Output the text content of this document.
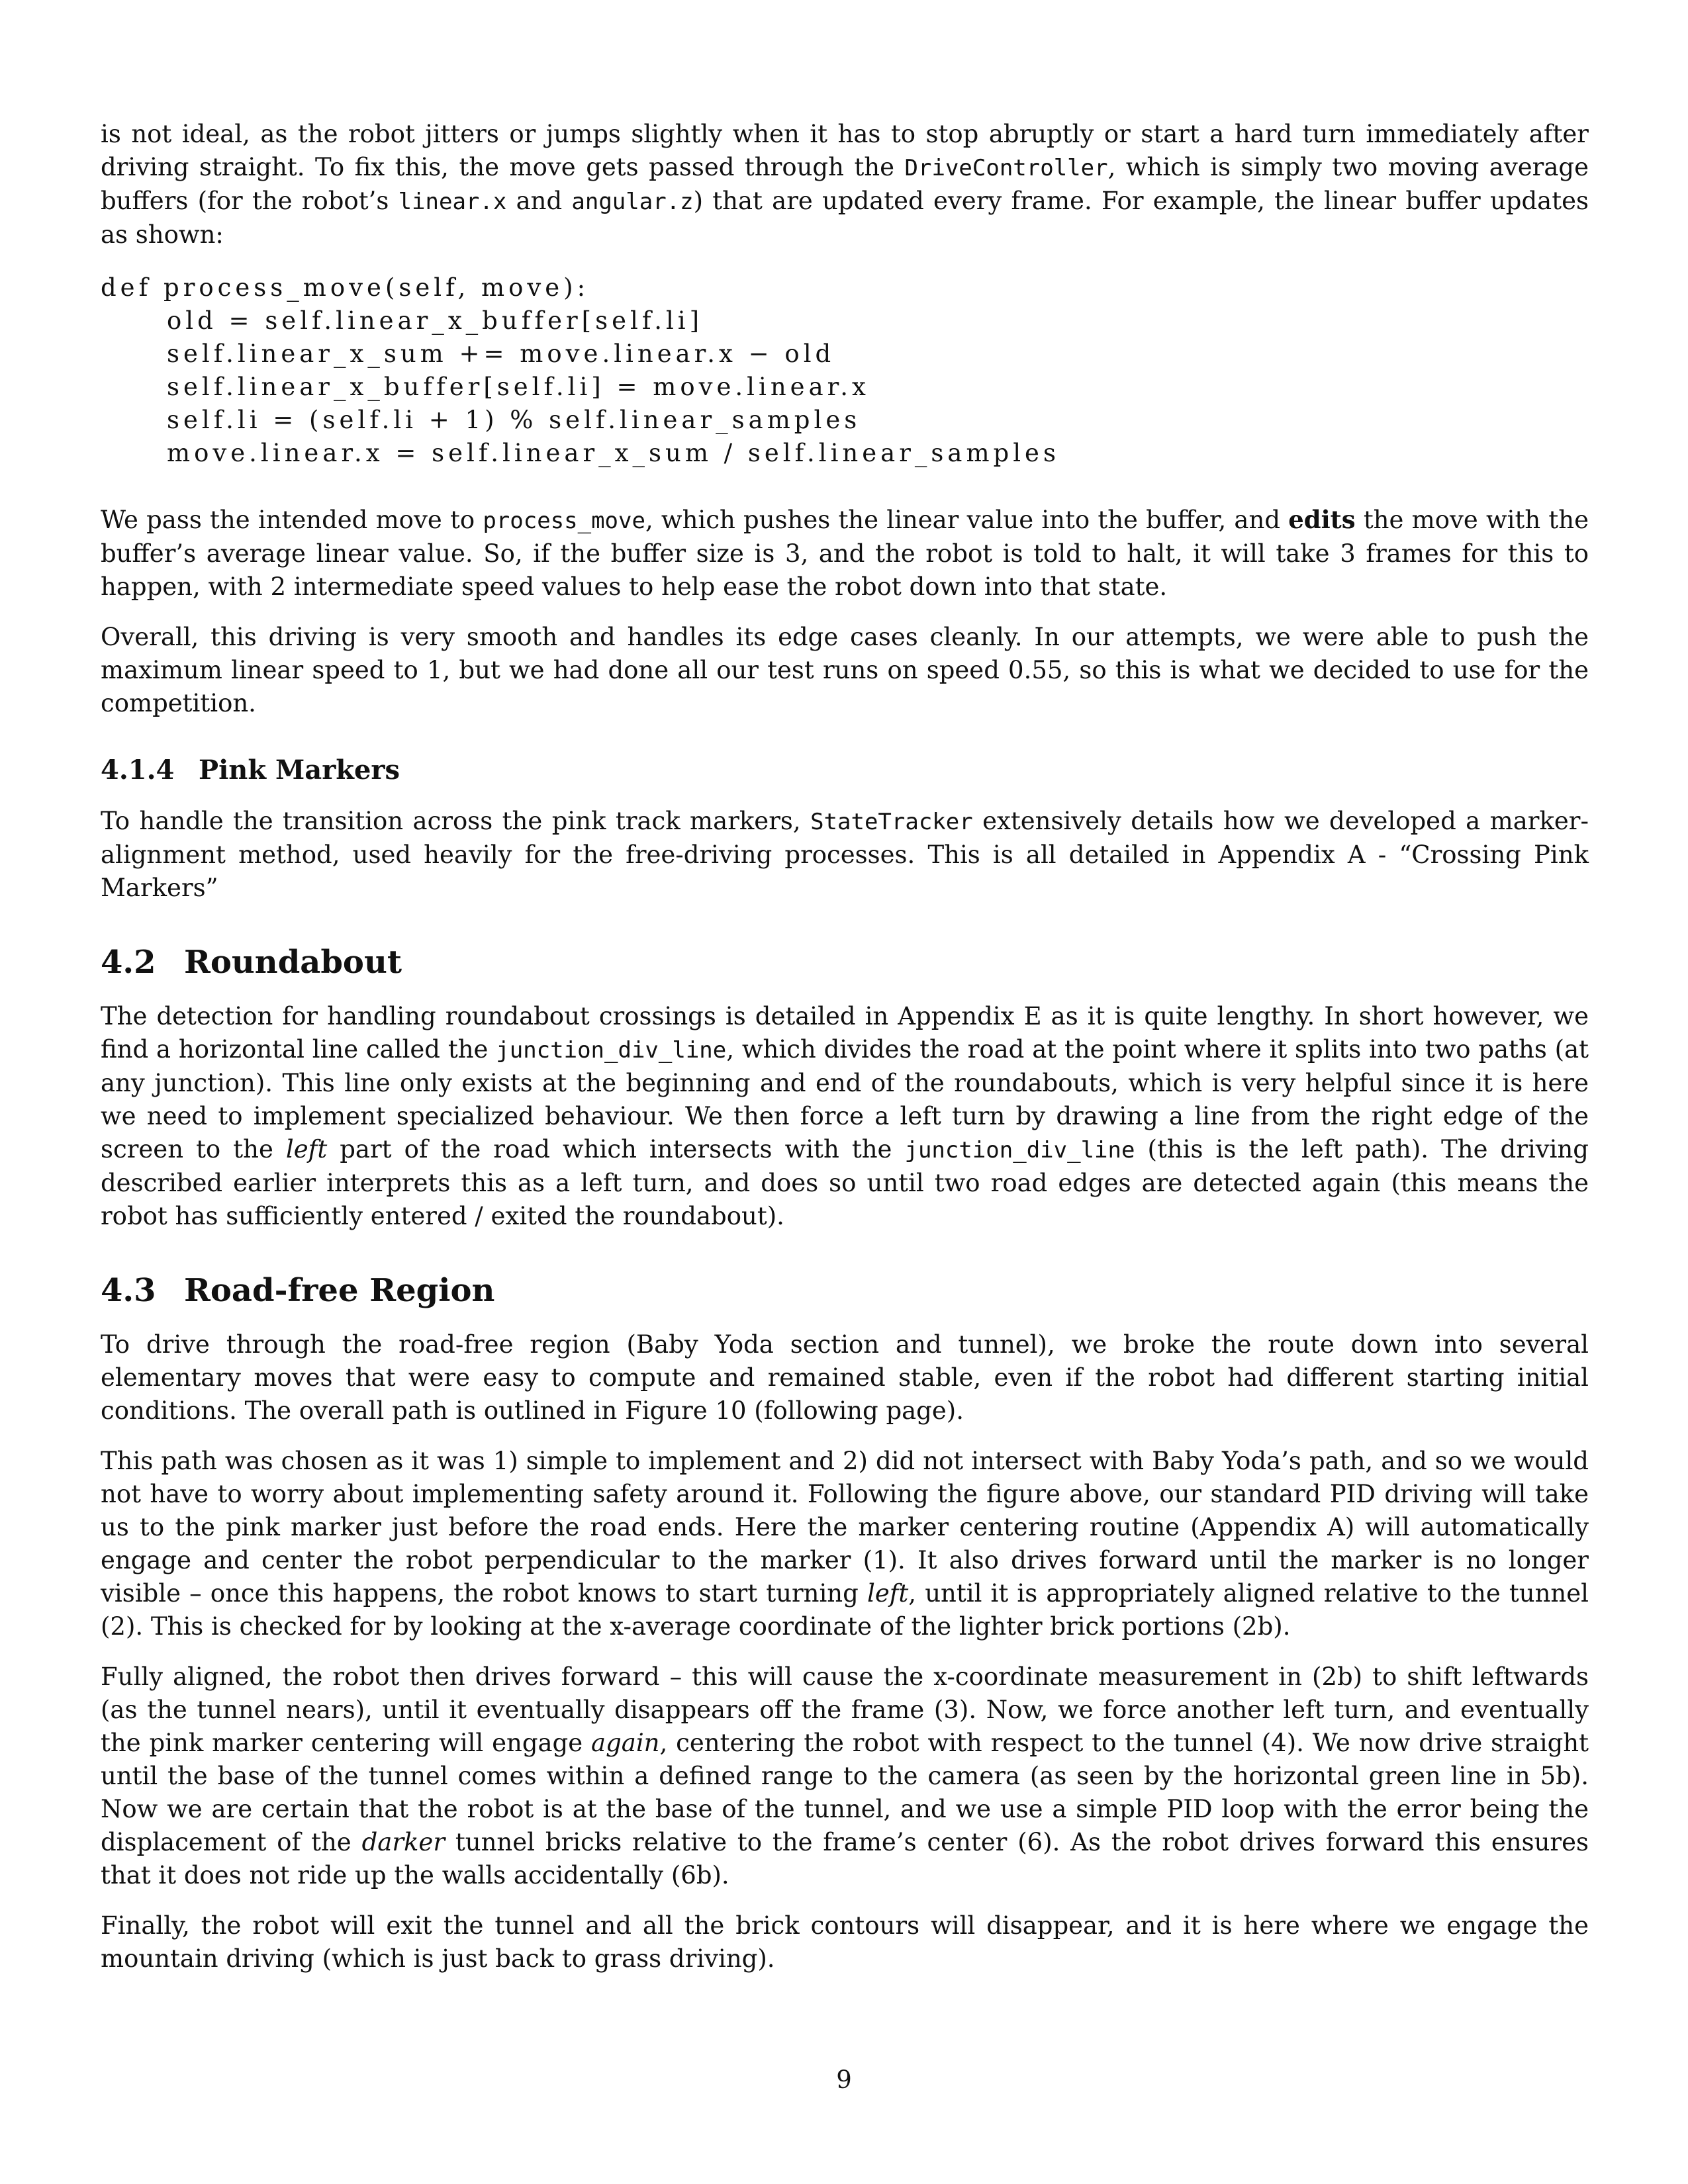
is not ideal, as the robot jitters or jumps slightly when it has to stop abruptly or start a hard turn immediately after driving straight. To fix this, the move gets passed through the DriveController, which is simply two moving average buffers (for the robot’s linear.x and angular.z) that are updated every frame. For example, the linear buffer updates as shown:

def process_move(self, move):
old = self.linear_x_buffer[self.li]
self.linear_x_sum += move.linear.x − old
self.linear_x_buffer[self.li] = move.linear.x
self.li = (self.li + 1) % self.linear_samples
move.linear.x = self.linear_x_sum / self.linear_samples

We pass the intended move to process_move, which pushes the linear value into the buffer, and edits the move with the buffer’s average linear value. So, if the buffer size is 3, and the robot is told to halt, it will take 3 frames for this to happen, with 2 intermediate speed values to help ease the robot down into that state.

Overall, this driving is very smooth and handles its edge cases cleanly. In our attempts, we were able to push the maximum linear speed to 1, but we had done all our test runs on speed 0.55, so this is what we decided to use for the competition.

4.1.4 Pink Markers

To handle the transition across the pink track markers, StateTracker extensively details how we developed a marker-alignment method, used heavily for the free-driving processes. This is all detailed in Appendix A - “Crossing Pink Markers”

4.2 Roundabout

The detection for handling roundabout crossings is detailed in Appendix E as it is quite lengthy. In short however, we find a horizontal line called the junction_div_line, which divides the road at the point where it splits into two paths (at any junction). This line only exists at the beginning and end of the roundabouts, which is very helpful since it is here we need to implement specialized behaviour. We then force a left turn by drawing a line from the right edge of the screen to the left part of the road which intersects with the junction_div_line (this is the left path). The driving described earlier interprets this as a left turn, and does so until two road edges are detected again (this means the robot has sufficiently entered / exited the roundabout).

4.3 Road-free Region

To drive through the road-free region (Baby Yoda section and tunnel), we broke the route down into several elementary moves that were easy to compute and remained stable, even if the robot had different starting initial conditions. The overall path is outlined in Figure 10 (following page).

This path was chosen as it was 1) simple to implement and 2) did not intersect with Baby Yoda’s path, and so we would not have to worry about implementing safety around it. Following the figure above, our standard PID driving will take us to the pink marker just before the road ends. Here the marker centering routine (Appendix A) will automatically engage and center the robot perpendicular to the marker (1). It also drives forward until the marker is no longer visible – once this happens, the robot knows to start turning left, until it is appropriately aligned relative to the tunnel (2). This is checked for by looking at the x-average coordinate of the lighter brick portions (2b).

Fully aligned, the robot then drives forward – this will cause the x-coordinate measurement in (2b) to shift leftwards (as the tunnel nears), until it eventually disappears off the frame (3). Now, we force another left turn, and eventually the pink marker centering will engage again, centering the robot with respect to the tunnel (4). We now drive straight until the base of the tunnel comes within a defined range to the camera (as seen by the horizontal green line in 5b). Now we are certain that the robot is at the base of the tunnel, and we use a simple PID loop with the error being the displacement of the darker tunnel bricks relative to the frame’s center (6). As the robot drives forward this ensures that it does not ride up the walls accidentally (6b).

Finally, the robot will exit the tunnel and all the brick contours will disappear, and it is here where we engage the mountain driving (which is just back to grass driving).

9
